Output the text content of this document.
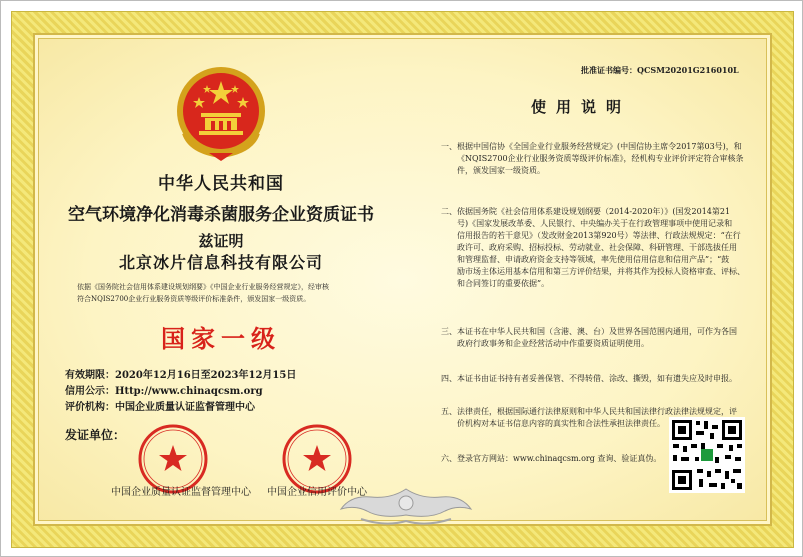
中华人民共和国
空气环境净化消毒杀菌服务企业资质证书
兹证明
北京冰片信息科技有限公司
依据《国务院社会信用体系建设规划纲要》《中国企业行业服务经营规定》，经审核
符合NQIS2700企业行业服务资质等级评价标准条件，颁发国家一级资质。
国家一级
有效期限：2020年12月16日至2023年12月15日
信用公示：Http://www.chinaqcsm.org
评价机构：中国企业质量认证监督管理中心
发证单位：
中国企业质量认证监督管理中心	中国企业信用评价中心
批准证书编号：QCSM20201G216010L
使用说明
一、根据中国信协《全国企业行业服务经营规定》(中国信协主席令2017第03号)，和
《NQIS2700企业行业服务资质等级评价标准》，经机构专业评价评定符合审核条
件，颁发国家一级资质。
二、依据国务院《社会信用体系建设规划纲要（2014-2020年）》(国发2014第21
号)《国家发展改革委、人民银行、中央编办关于在行政管理事项中使用记录和
信用报告的若干意见》（发改财金2013第920号）等法律、行政法规规定：“在行
政许可、政府采购、招标投标、劳动就业、社会保障、科研管理、干部选拔任用
和管理监督、申请政府资金支持等领域，率先使用信用信息和信用产品”；“鼓
励市场主体运用基本信用和第三方评价结果，并将其作为投标人资格审查、评标、
和合同签订的重要依据”。
三、本证书在中华人民共和国（含港、澳、台）及世界各国范围内通用，可作为各国
政府行政事务和企业经营活动中作重要资质证明使用。
四、本证书由证书持有者妥善保管、不得转借、涂改、撕毁，如有遗失应及时申报。
五、法律责任，根据国际通行法律原则和中华人民共和国法律行政法律法规规定，评
价机构对本证书信息内容的真实性和合法性承担法律责任。
六、登录官方网站：www.chinaqcsm.org 查询、验证真伪。
